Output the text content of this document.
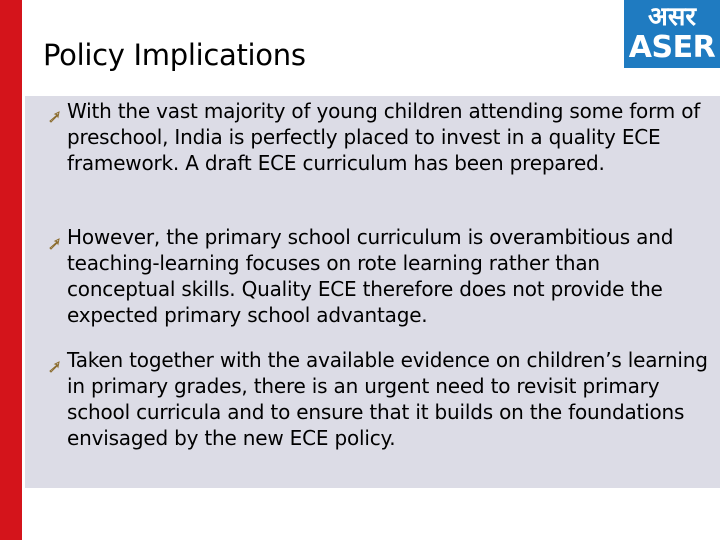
Policy Implications
असर
ASER
With the vast majority of young children attending some form of preschool, India is perfectly placed to invest in a quality ECE framework. A draft ECE curriculum has been prepared.
However, the primary school curriculum is overambitious and teaching-learning focuses on rote learning rather than conceptual skills. Quality ECE therefore does not provide the expected primary school advantage.
Taken together with the available evidence on children’s learning in primary grades, there is an urgent need to revisit primary school curricula and to ensure that it builds on the foundations envisaged by the new ECE policy.
